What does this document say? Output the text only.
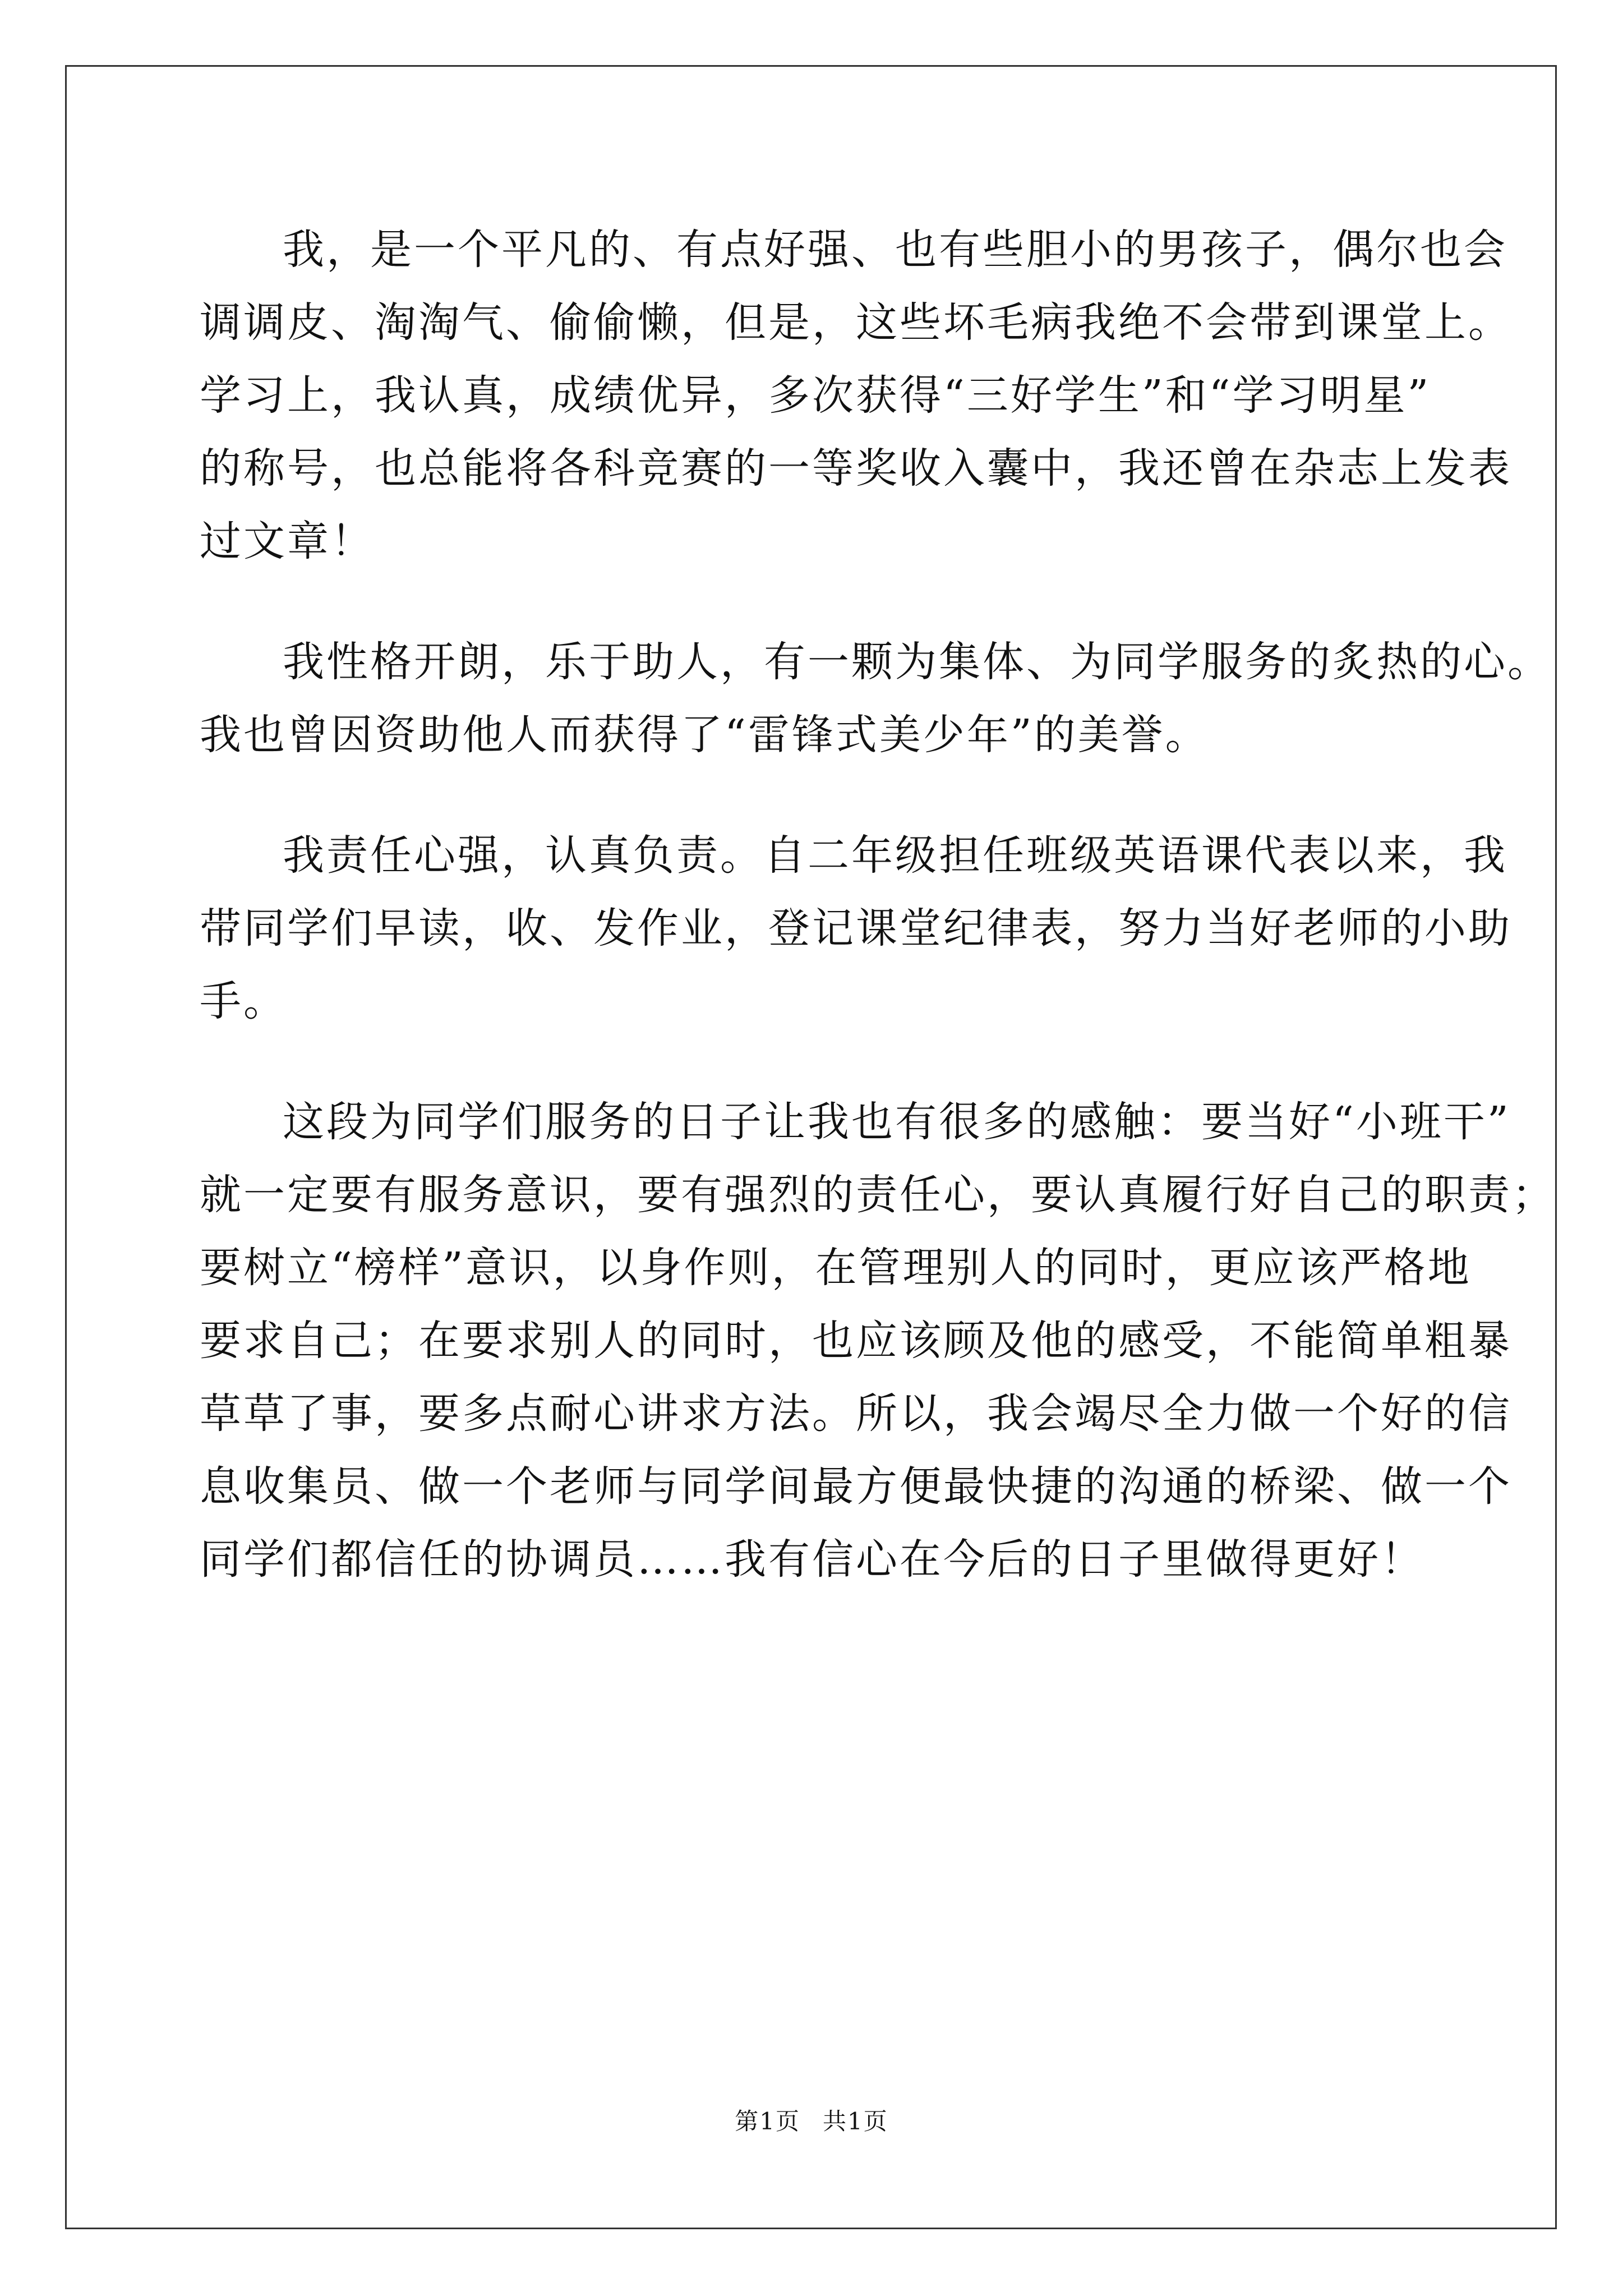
我，是一个平凡的、有点好强、也有些胆小的男孩子，偶尔也会
调调皮、淘淘气、偷偷懒，但是，这些坏毛病我绝不会带到课堂上。
学习上，我认真，成绩优异，多次获得“三好学生”和“学习明星”
的称号，也总能将各科竞赛的一等奖收入囊中，我还曾在杂志上发表
过文章！
我性格开朗，乐于助人，有一颗为集体、为同学服务的炙热的心。
我也曾因资助他人而获得了“雷锋式美少年”的美誉。
我责任心强，认真负责。自二年级担任班级英语课代表以来，我
带同学们早读，收、发作业，登记课堂纪律表，努力当好老师的小助
手。
这段为同学们服务的日子让我也有很多的感触：要当好“小班干”
就一定要有服务意识，要有强烈的责任心，要认真履行好自己的职责；
要树立“榜样”意识，以身作则，在管理别人的同时，更应该严格地
要求自己；在要求别人的同时，也应该顾及他的感受，不能简单粗暴
草草了事，要多点耐心讲求方法。所以，我会竭尽全力做一个好的信
息收集员、做一个老师与同学间最方便最快捷的沟通的桥梁、做一个
同学们都信任的协调员……我有信心在今后的日子里做得更好！
第1页 共1页
